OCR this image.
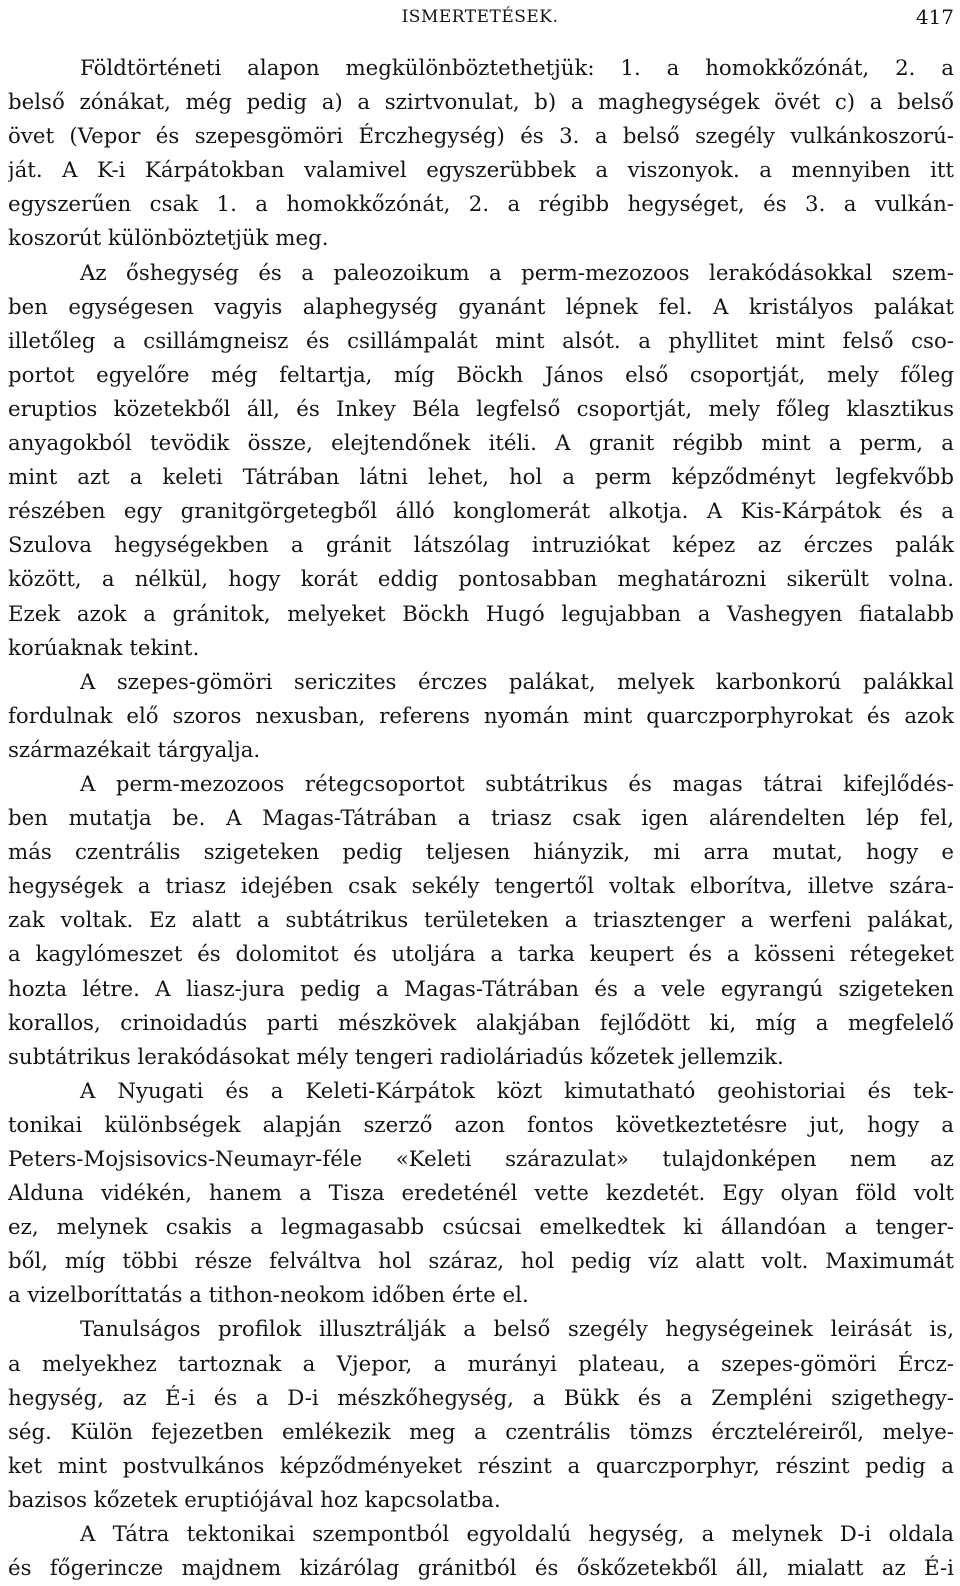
ISMERTETÉSEK.	417
Földtörténeti alapon megkülönböztethetjük: 1. a homokkőzónát, 2. a
belső zónákat, még pedig a) a szirtvonulat, b) a maghegységek övét c) a belső
övet (Vepor és szepesgömöri Érczhegység) és 3. a belső szegély vulkánkoszorú-
ját. A K-i Kárpátokban valamivel egyszerübbek a viszonyok. a mennyiben itt
egyszerűen csak 1. a homokkőzónát, 2. a régibb hegységet, és 3. a vulkán-
koszorút különböztetjük meg.
Az őshegység és a paleozoikum a perm-mezozoos lerakódásokkal szem-
ben egységesen vagyis alaphegység gyanánt lépnek fel. A kristályos palákat
illetőleg a csillámgneisz és csillámpalát mint alsót. a phyllitet mint felső cso-
portot egyelőre még feltartja, míg Böckh János első csoportját, mely főleg
eruptios közetekből áll, és Inkey Béla legfelső csoportját, mely főleg klasztikus
anyagokból tevödik össze, elejtendőnek itéli. A granit régibb mint a perm, a
mint azt a keleti Tátrában látni lehet, hol a perm képződményt legfekvőbb
részében egy granitgörgetegből álló konglomerát alkotja. A Kis-Kárpátok és a
Szulova hegységekben a gránit látszólag intruziókat képez az érczes palák
között, a nélkül, hogy korát eddig pontosabban meghatározni sikerült volna.
Ezek azok a gránitok, melyeket Böckh Hugó legujabban a Vashegyen fiatalabb
korúaknak tekint.
A szepes-gömöri sericzites érczes palákat, melyek karbonkorú palákkal
fordulnak elő szoros nexusban, referens nyomán mint quarczporphyrokat és azok
származékait tárgyalja.
A perm-mezozoos rétegcsoportot subtátrikus és magas tátrai kifejlődés-
ben mutatja be. A Magas-Tátrában a triasz csak igen alárendelten lép fel,
más czentrális szigeteken pedig teljesen hiányzik, mi arra mutat, hogy e
hegységek a triasz idejében csak sekély tengertől voltak elborítva, illetve szára-
zak voltak. Ez alatt a subtátrikus területeken a triasztenger a werfeni palákat,
a kagylómeszet és dolomitot és utoljára a tarka keupert és a kösseni rétegeket
hozta létre. A liasz-jura pedig a Magas-Tátrában és a vele egyrangú szigeteken
korallos, crinoidadús parti mészkövek alakjában fejlődött ki, míg a megfelelő
subtátrikus lerakódásokat mély tengeri radioláriadús kőzetek jellemzik.
A Nyugati és a Keleti-Kárpátok közt kimutatható geohistoriai és tek-
tonikai különbségek alapján szerző azon fontos következtetésre jut, hogy a
Peters-Mojsisovics-Neumayr-féle «Keleti szárazulat» tulajdonképen nem az
Alduna vidékén, hanem a Tisza eredeténél vette kezdetét. Egy olyan föld volt
ez, melynek csakis a legmagasabb csúcsai emelkedtek ki állandóan a tenger-
ből, míg többi része felváltva hol száraz, hol pedig víz alatt volt. Maximumát
a vizelboríttatás a tithon-neokom időben érte el.
Tanulságos profilok illusztrálják a belső szegély hegységeinek leirását is,
a melyekhez tartoznak a Vjepor, a murányi plateau, a szepes-gömöri Ércz-
hegység, az É-i és a D-i mészkőhegység, a Bükk és a Zempléni szigethegy-
ség. Külön fejezetben emlékezik meg a czentrális tömzs érczteléreiről, melye-
ket mint postvulkános képződményeket részint a quarczporphyr, részint pedig a
bazisos kőzetek eruptiójával hoz kapcsolatba.
A Tátra tektonikai szempontból egyoldalú hegység, a melynek D-i oldala
és főgerincze majdnem kizárólag gránitból és őskőzetekből áll, mialatt az É-i
